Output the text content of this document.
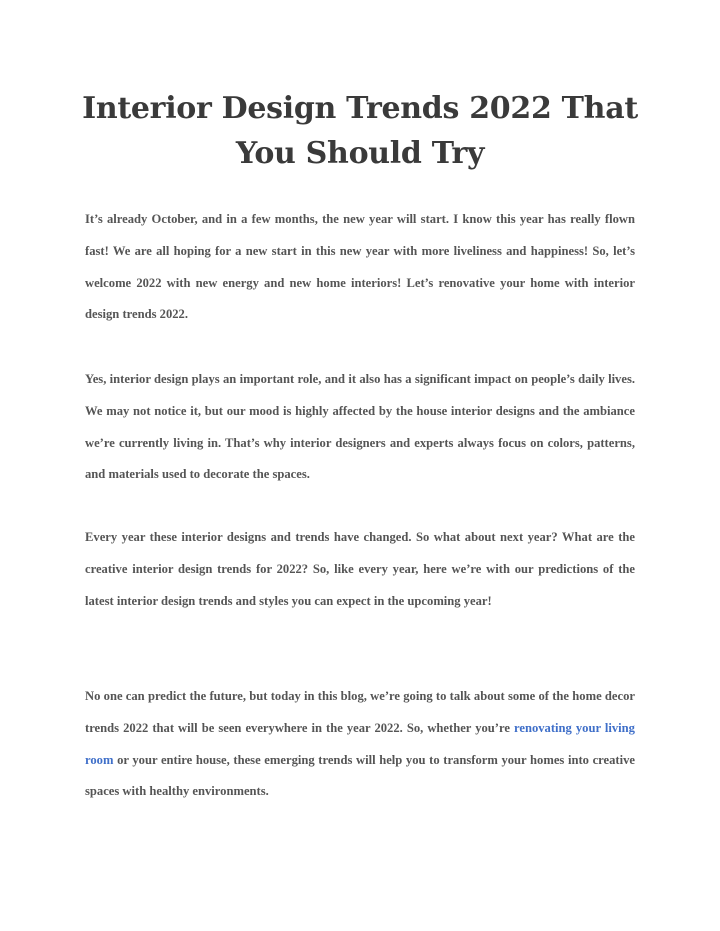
Interior Design Trends 2022 That You Should Try

It’s already October, and in a few months, the new year will start. I know this year has really flown fast! We are all hoping for a new start in this new year with more liveliness and happiness! So, let’s welcome 2022 with new energy and new home interiors! Let’s renovative your home with interior design trends 2022.

Yes, interior design plays an important role, and it also has a significant impact on people’s daily lives. We may not notice it, but our mood is highly affected by the house interior designs and the ambiance we’re currently living in. That’s why interior designers and experts always focus on colors, patterns, and materials used to decorate the spaces.

Every year these interior designs and trends have changed. So what about next year? What are the creative interior design trends for 2022? So, like every year, here we’re with our predictions of the latest interior design trends and styles you can expect in the upcoming year!

No one can predict the future, but today in this blog, we’re going to talk about some of the home decor trends 2022 that will be seen everywhere in the year 2022. So, whether you’re renovating your living room or your entire house, these emerging trends will help you to transform your homes into creative spaces with healthy environments.
